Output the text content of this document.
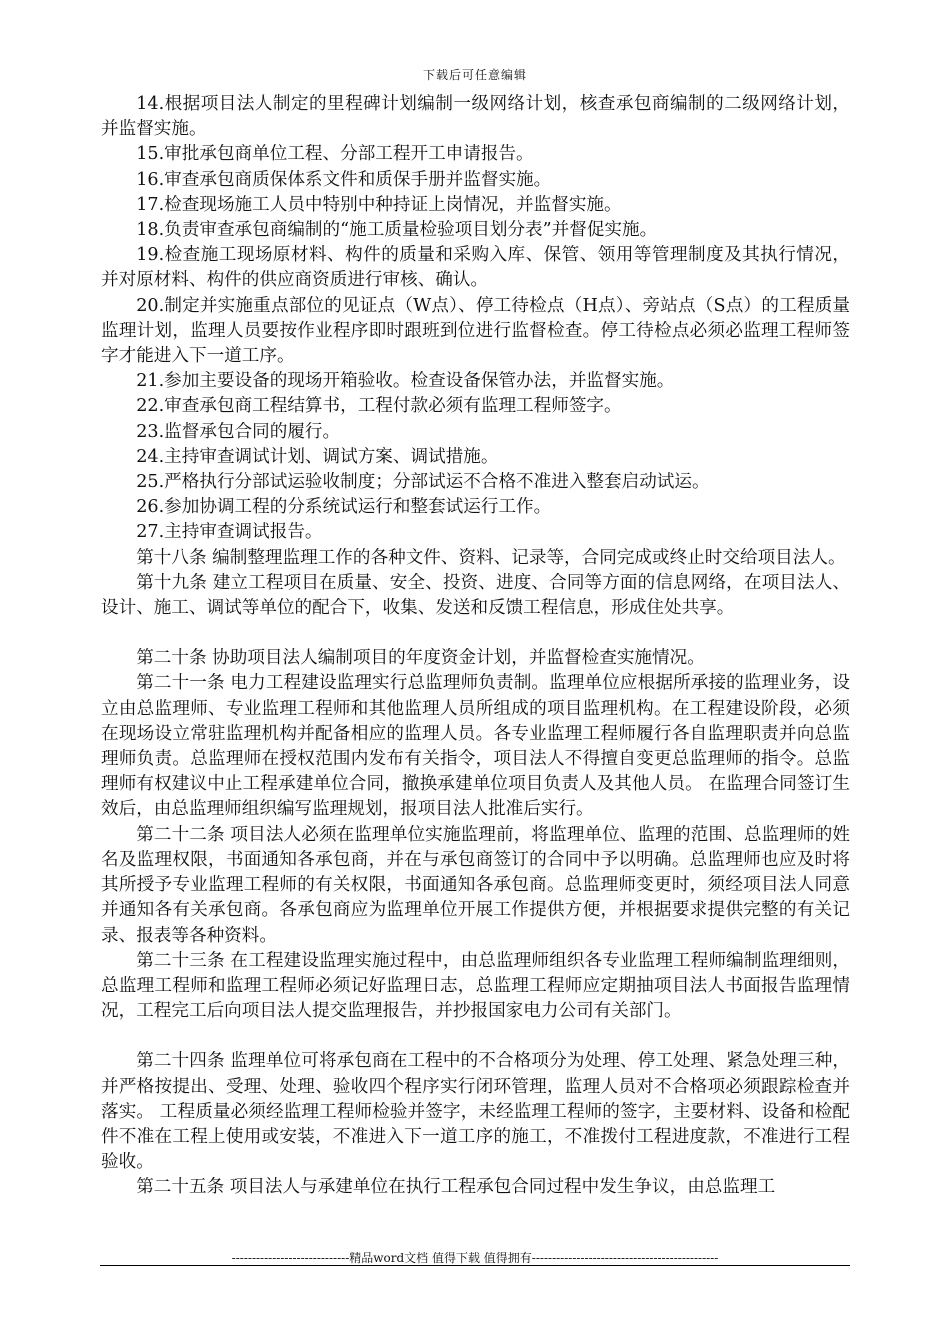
下载后可任意编辑

14.根据项目法人制定的里程碑计划编制一级网络计划，核查承包商编制的二级网络计划，并监督实施。

15.审批承包商单位工程、分部工程开工申请报告。

16.审查承包商质保体系文件和质保手册并监督实施。

17.检查现场施工人员中特别中种持证上岗情况，并监督实施。

18.负责审查承包商编制的“施工质量检验项目划分表”并督促实施。

19.检查施工现场原材料、构件的质量和采购入库、保管、领用等管理制度及其执行情况，并对原材料、构件的供应商资质进行审核、确认。

20.制定并实施重点部位的见证点（W点）、停工待检点（H点）、旁站点（S点）的工程质量监理计划，监理人员要按作业程序即时跟班到位进行监督检查。停工待检点必须必监理工程师签字才能进入下一道工序。

21.参加主要设备的现场开箱验收。检查设备保管办法，并监督实施。

22.审查承包商工程结算书，工程付款必须有监理工程师签字。

23.监督承包合同的履行。

24.主持审查调试计划、调试方案、调试措施。

25.严格执行分部试运验收制度；分部试运不合格不准进入整套启动试运。

26.参加协调工程的分系统试运行和整套试运行工作。

27.主持审查调试报告。

第十八条 编制整理监理工作的各种文件、资料、记录等，合同完成或终止时交给项目法人。

第十九条 建立工程项目在质量、安全、投资、进度、合同等方面的信息网络，在项目法人、设计、施工、调试等单位的配合下，收集、发送和反馈工程信息，形成住处共享。

第二十条 协助项目法人编制项目的年度资金计划，并监督检查实施情况。

第二十一条 电力工程建设监理实行总监理师负责制。监理单位应根据所承接的监理业务，设立由总监理师、专业监理工程师和其他监理人员所组成的项目监理机构。在工程建设阶段，必须在现场设立常驻监理机构并配备相应的监理人员。各专业监理工程师履行各自监理职责并向总监理师负责。总监理师在授权范围内发布有关指令，项目法人不得擅自变更总监理师的指令。总监理师有权建议中止工程承建单位合同，撤换承建单位项目负责人及其他人员。 在监理合同签订生效后，由总监理师组织编写监理规划，报项目法人批准后实行。

第二十二条 项目法人必须在监理单位实施监理前，将监理单位、监理的范围、总监理师的姓名及监理权限，书面通知各承包商，并在与承包商签订的合同中予以明确。总监理师也应及时将其所授予专业监理工程师的有关权限，书面通知各承包商。总监理师变更时，须经项目法人同意并通知各有关承包商。各承包商应为监理单位开展工作提供方便，并根据要求提供完整的有关记录、报表等各种资料。

第二十三条 在工程建设监理实施过程中，由总监理师组织各专业监理工程师编制监理细则，总监理工程师和监理工程师必须记好监理日志，总监理工程师应定期抽项目法人书面报告监理情况，工程完工后向项目法人提交监理报告，并抄报国家电力公司有关部门。

第二十四条 监理单位可将承包商在工程中的不合格项分为处理、停工处理、紧急处理三种，并严格按提出、受理、处理、验收四个程序实行闭环管理，监理人员对不合格项必须跟踪检查并落实。 工程质量必须经监理工程师检验并签字，未经监理工程师的签字，主要材料、设备和检配件不准在工程上使用或安装，不准进入下一道工序的施工，不准拨付工程进度款，不准进行工程验收。

第二十五条 项目法人与承建单位在执行工程承包合同过程中发生争议，由总监理工

-----------------------------精品word文档 值得下载 值得拥有----------------------------------------------
